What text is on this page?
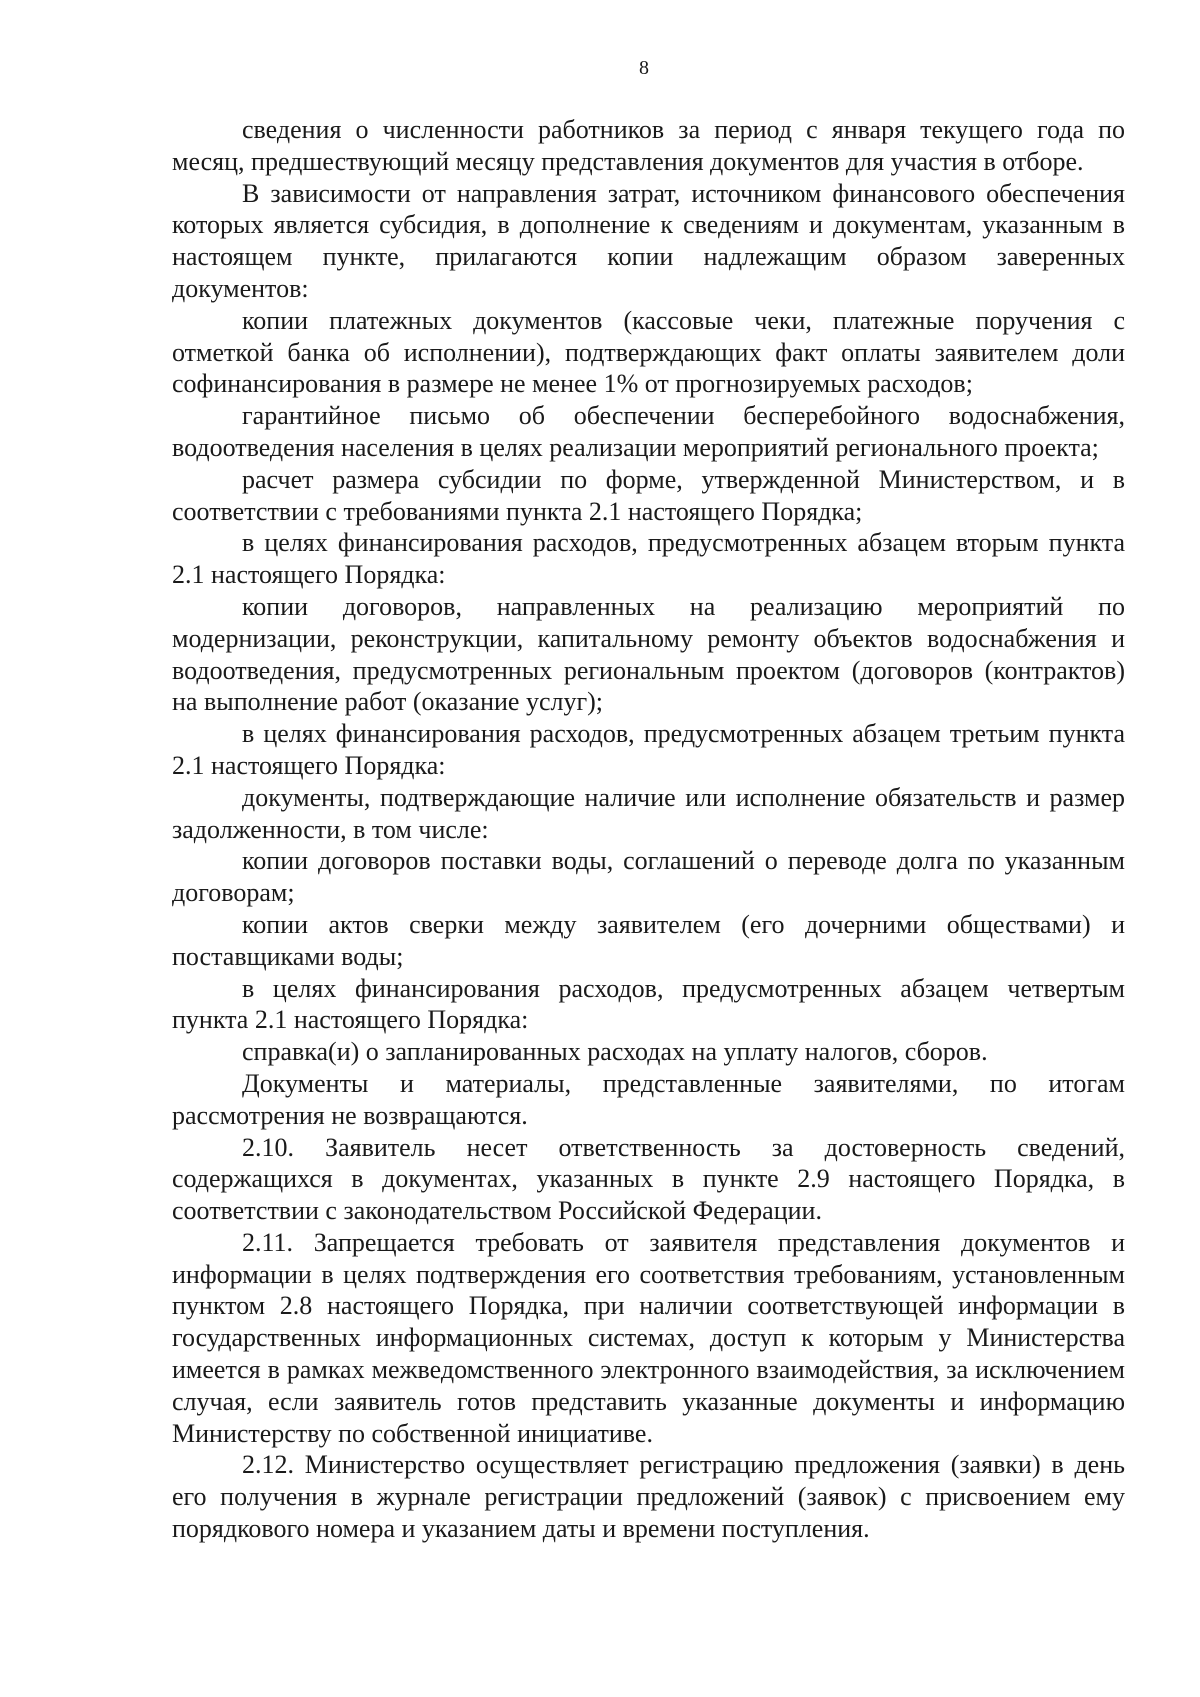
8

сведения о численности работников за период с января текущего года по месяц, предшествующий месяцу представления документов для участия в отборе.

В зависимости от направления затрат, источником финансового обеспечения которых является субсидия, в дополнение к сведениям и документам, указанным в настоящем пункте, прилагаются копии надлежащим образом заверенных документов:

копии платежных документов (кассовые чеки, платежные поручения с отметкой банка об исполнении), подтверждающих факт оплаты заявителем доли софинансирования в размере не менее 1% от прогнозируемых расходов;

гарантийное письмо об обеспечении бесперебойного водоснабжения, водоотведения населения в целях реализации мероприятий регионального проекта;

расчет размера субсидии по форме, утвержденной Министерством, и в соответствии с требованиями пункта 2.1 настоящего Порядка;

в целях финансирования расходов, предусмотренных абзацем вторым пункта 2.1 настоящего Порядка:

копии договоров, направленных на реализацию мероприятий по модернизации, реконструкции, капитальному ремонту объектов водоснабжения и водоотведения, предусмотренных региональным проектом (договоров (контрактов) на выполнение работ (оказание услуг);

в целях финансирования расходов, предусмотренных абзацем третьим пункта 2.1 настоящего Порядка:

документы, подтверждающие наличие или исполнение обязательств и размер задолженности, в том числе:

копии договоров поставки воды, соглашений о переводе долга по указанным договорам;

копии актов сверки между заявителем (его дочерними обществами) и поставщиками воды;

в целях финансирования расходов, предусмотренных абзацем четвертым пункта 2.1 настоящего Порядка:

справка(и) о запланированных расходах на уплату налогов, сборов.

Документы и материалы, представленные заявителями, по итогам рассмотрения не возвращаются.

2.10. Заявитель несет ответственность за достоверность сведений, содержащихся в документах, указанных в пункте 2.9 настоящего Порядка, в соответствии с законодательством Российской Федерации.

2.11. Запрещается требовать от заявителя представления документов и информации в целях подтверждения его соответствия требованиям, установленным пунктом 2.8 настоящего Порядка, при наличии соответствующей информации в государственных информационных системах, доступ к которым у Министерства имеется в рамках межведомственного электронного взаимодействия, за исключением случая, если заявитель готов представить указанные документы и информацию Министерству по собственной инициативе.

2.12. Министерство осуществляет регистрацию предложения (заявки) в день его получения в журнале регистрации предложений (заявок) с присвоением ему порядкового номера и указанием даты и времени поступления.
